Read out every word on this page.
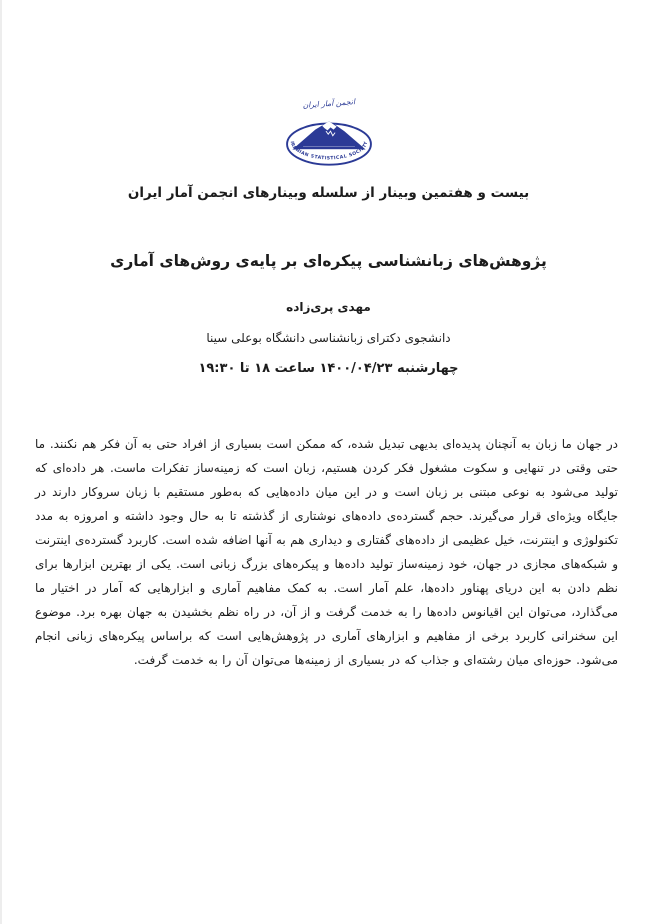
انجمن آمار ایران
IRANIAN STATISTICAL SOCIETY
بیست و هفتمین وبینار از سلسله وبینارهای انجمن آمار ایران
پژوهش‌های زبانشناسی پیکره‌ای بر پایه‌ی روش‌های آماری
مهدی پری‌زاده
دانشجوی دکترای زبانشناسی دانشگاه بوعلی سینا
چهارشنبه ۱۴۰۰/۰۴/۲۳ ساعت ۱۸ تا ۱۹:۳۰

در جهان ما زبان به آنچنان پدیده‌ای بدیهی تبدیل شده، که ممکن است بسیاری از افراد حتی به آن فکر هم نکنند. ما حتی وقتی در تنهایی و سکوت مشغول فکر کردن هستیم، زبان است که زمینه‌ساز تفکرات ماست. هر داده‌ای که تولید می‌شود به نوعی مبتنی بر زبان است و در این میان داده‌هایی که به‌طور مستقیم با زبان سروکار دارند در جایگاه ویژه‌ای قرار می‌گیرند. حجم گسترده‌ی داده‌های نوشتاری از گذشته تا به حال وجود داشته و امروزه به مدد تکنولوژی و اینترنت، خیل عظیمی از داده‌های گفتاری و دیداری هم به آنها اضافه شده است. کاربرد گسترده‌ی اینترنت و شبکه‌های مجازی در جهان، خود زمینه‌ساز تولید داده‌ها و پیکره‌های بزرگ زبانی است. یکی از بهترین ابزارها برای نظم دادن به این دریای پهناور داده‌ها، علم آمار است. به کمک مفاهیم آماری و ابزارهایی که آمار در اختیار ما می‌گذارد، می‌توان این اقیانوس داده‌ها را به خدمت گرفت و از آن، در راه نظم بخشیدن به جهان بهره برد. موضوع این سخنرانی کاربرد برخی از مفاهیم و ابزارهای آماری در پژوهش‌هایی است که براساس پیکره‌های زبانی انجام می‌شود. حوزه‌ای میان رشته‌ای و جذاب که در بسیاری از زمینه‌ها می‌توان آن را به خدمت گرفت.
